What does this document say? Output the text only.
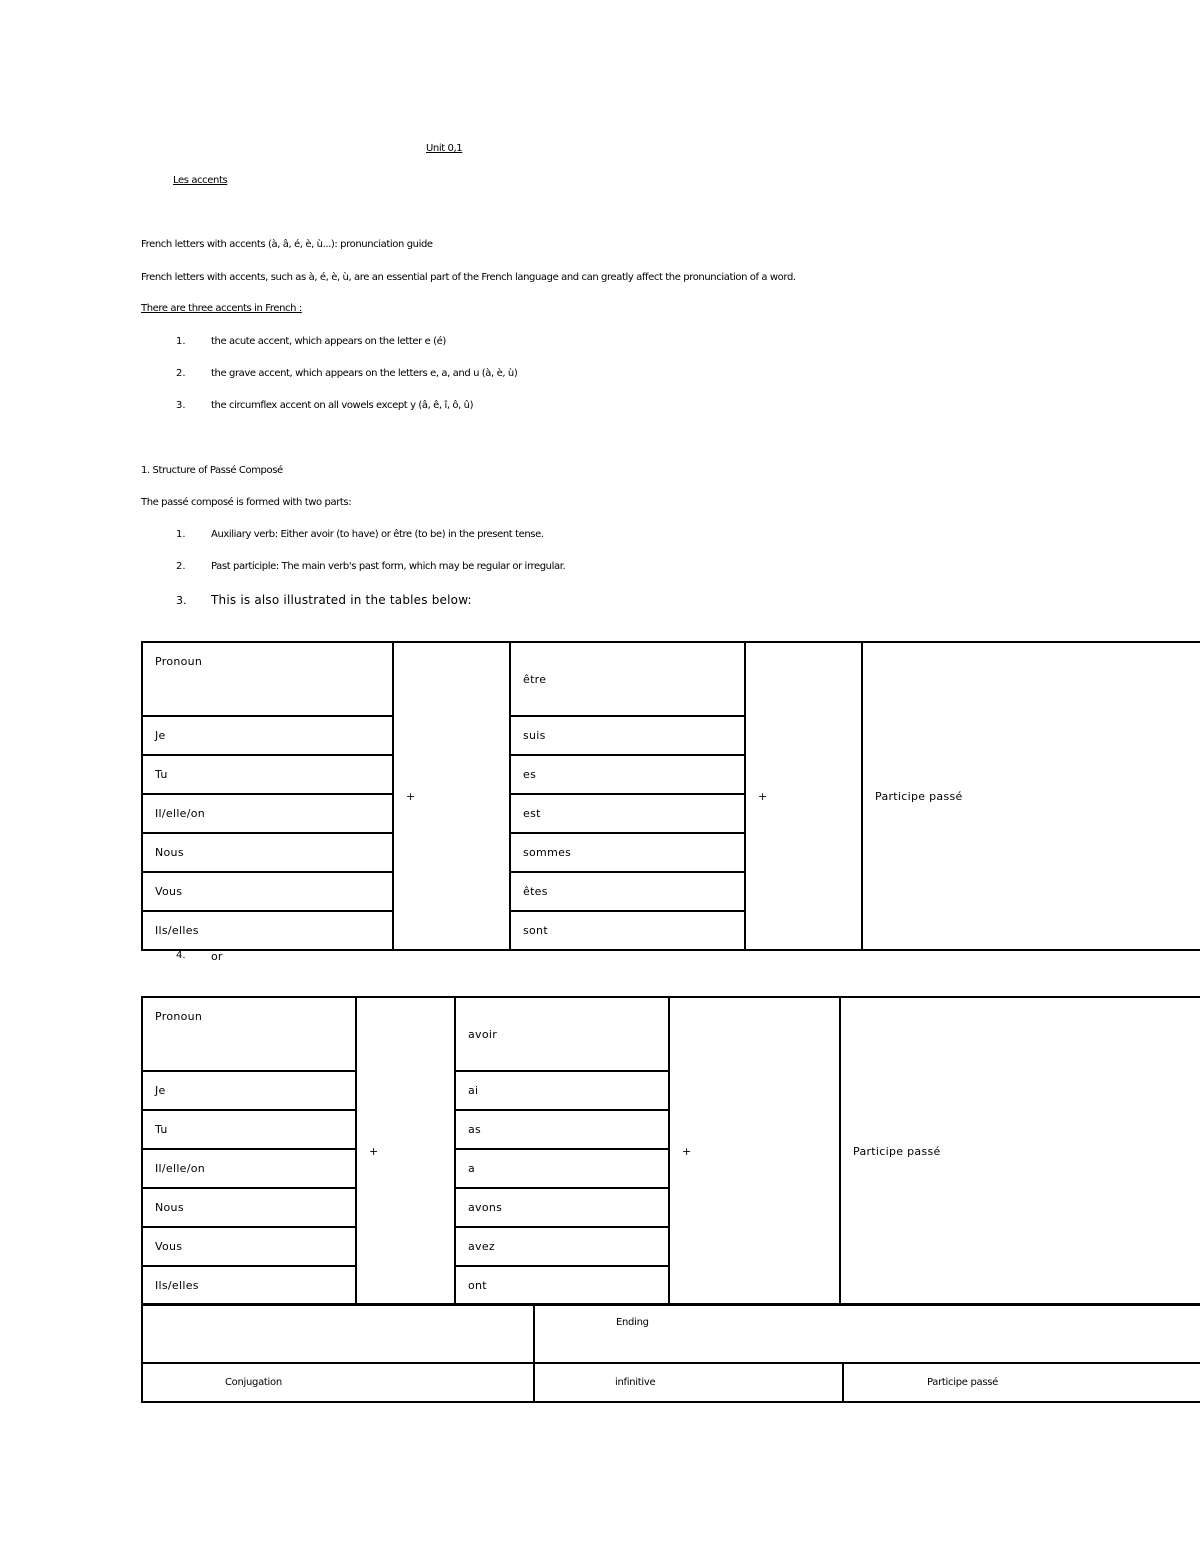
Unit 0,1
Les accents
French letters with accents (à, â, é, è, ù...): pronunciation guide
French letters with accents, such as à, é, è, ù, are an essential part of the French language and can greatly affect the pronunciation of a word.
There are three accents in French :
1.	the acute accent, which appears on the letter e (é)
2.	the grave accent, which appears on the letters e, a, and u (à, è, ù)
3.	the circumflex accent on all vowels except y (â, ê, î, ô, û)
1. Structure of Passé Composé
The passé composé is formed with two parts:
1.	Auxiliary verb: Either avoir (to have) or être (to be) in the present tense.
2.	Past participle: The main verb's past form, which may be regular or irregular.
3. This is also illustrated in the tables below:
Pronoun	+	être	+	Participe passé
Je		suis		
Tu		es		
Il/elle/on		est		
Nous		sommes		
Vous		êtes		
Ils/elles		sont		
4. or
Pronoun	+	avoir	+	Participe passé
Je		ai		
Tu		as		
Il/elle/on		a		
Nous		avons		
Vous		avez		
Ils/elles		ont		
	Ending	
Conjugation	infinitive	Participe passé
